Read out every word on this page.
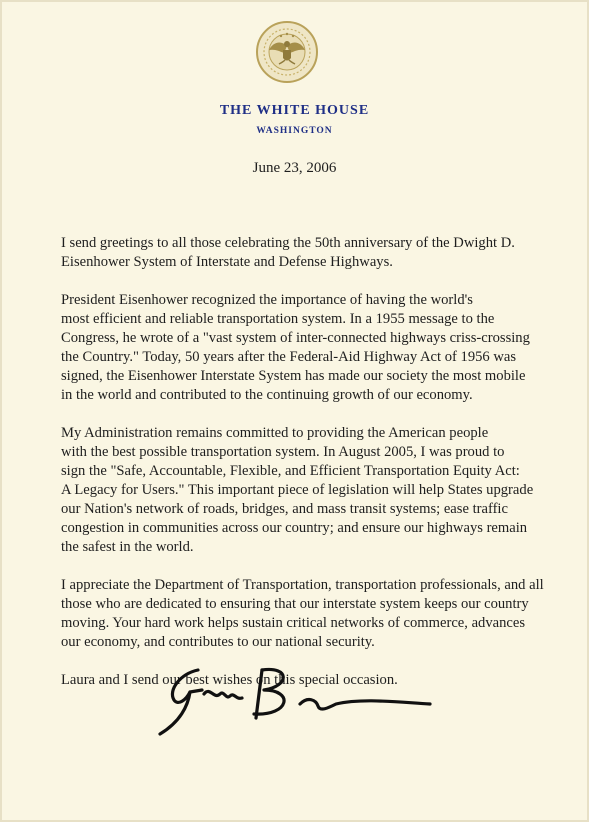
THE WHITE HOUSE
WASHINGTON
June 23, 2006

I send greetings to all those celebrating the 50th anniversary of the Dwight D.
Eisenhower System of Interstate and Defense Highways.

President Eisenhower recognized the importance of having the world's
most efficient and reliable transportation system. In a 1955 message to the
Congress, he wrote of a "vast system of inter-connected highways criss-crossing
the Country." Today, 50 years after the Federal-Aid Highway Act of 1956 was
signed, the Eisenhower Interstate System has made our society the most mobile
in the world and contributed to the continuing growth of our economy.

My Administration remains committed to providing the American people
with the best possible transportation system. In August 2005, I was proud to
sign the "Safe, Accountable, Flexible, and Efficient Transportation Equity Act:
A Legacy for Users." This important piece of legislation will help States upgrade
our Nation's network of roads, bridges, and mass transit systems; ease traffic
congestion in communities across our country; and ensure our highways remain
the safest in the world.

I appreciate the Department of Transportation, transportation professionals, and all
those who are dedicated to ensuring that our interstate system keeps our country
moving. Your hard work helps sustain critical networks of commerce, advances
our economy, and contributes to our national security.

Laura and I send our best wishes on this special occasion.
